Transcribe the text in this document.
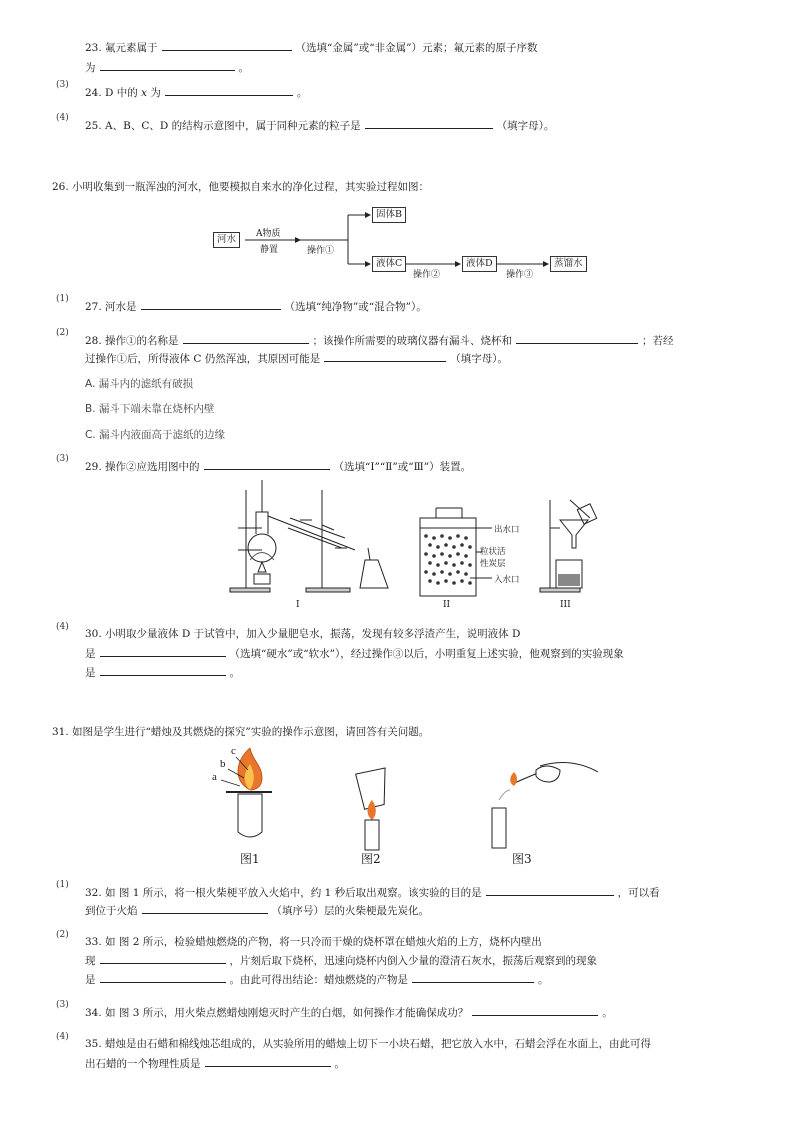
23. 氟元素属于	（选填“金属”或“非金属”）元素；氟元素的原子序数
为	。
(3)
24. D 中的 x 为	。
(4)
25. A、B、C、D 的结构示意图中，属于同种元素的粒子是	（填字母）。
26. 小明收集到一瓶浑浊的河水，他要模拟自来水的净化过程，其实验过程如图：
河水	A物质
静置	操作①
固体B
液体C
操作②
液体D
操作③
蒸馏水
(1)
27. 河水是	（选填“纯净物”或“混合物”）。
(2)
28. 操作①的名称是	；该操作所需要的玻璃仪器有漏斗、烧杯和	；若经
过操作①后，所得液体 C 仍然浑浊，其原因可能是	（填字母）。
A. 漏斗内的滤纸有破损
B. 漏斗下端未靠在烧杯内壁
C. 漏斗内液面高于滤纸的边缘
(3)
29. 操作②应选用图中的	（选填“Ⅰ”“Ⅱ”或“Ⅲ”）装置。
出水口
粒状活
性炭层
入水口
I	II	III
(4)
30. 小明取少量液体 D 于试管中，加入少量肥皂水，振荡，发现有较多浮渣产生，说明液体 D
是	（选填“硬水”或“软水”），经过操作③以后，小明重复上述实验，他观察到的实验现象
是	。
31. 如图是学生进行“蜡烛及其燃烧的探究”实验的操作示意图，请回答有关问题。
c
b
a
图1	图2	图3
(1)
32. 如 图 1 所示，将一根火柴梗平放入火焰中，约 1 秒后取出观察。该实验的目的是	，可以看
到位于火焰	（填序号）层的火柴梗最先炭化。
(2)
33. 如 图 2 所示，检验蜡烛燃烧的产物，将一只冷而干燥的烧杯罩在蜡烛火焰的上方，烧杯内壁出
现	，片刻后取下烧杯，迅速向烧杯内倒入少量的澄清石灰水，振荡后观察到的现象
是	。由此可得出结论：蜡烛燃烧的产物是	。
(3)
34. 如 图 3 所示，用火柴点燃蜡烛刚熄灭时产生的白烟，如何操作才能确保成功？	。
(4)
35. 蜡烛是由石蜡和棉线烛芯组成的，从实验所用的蜡烛上切下一小块石蜡，把它放入水中，石蜡会浮在水面上，由此可得
出石蜡的一个物理性质是	。
